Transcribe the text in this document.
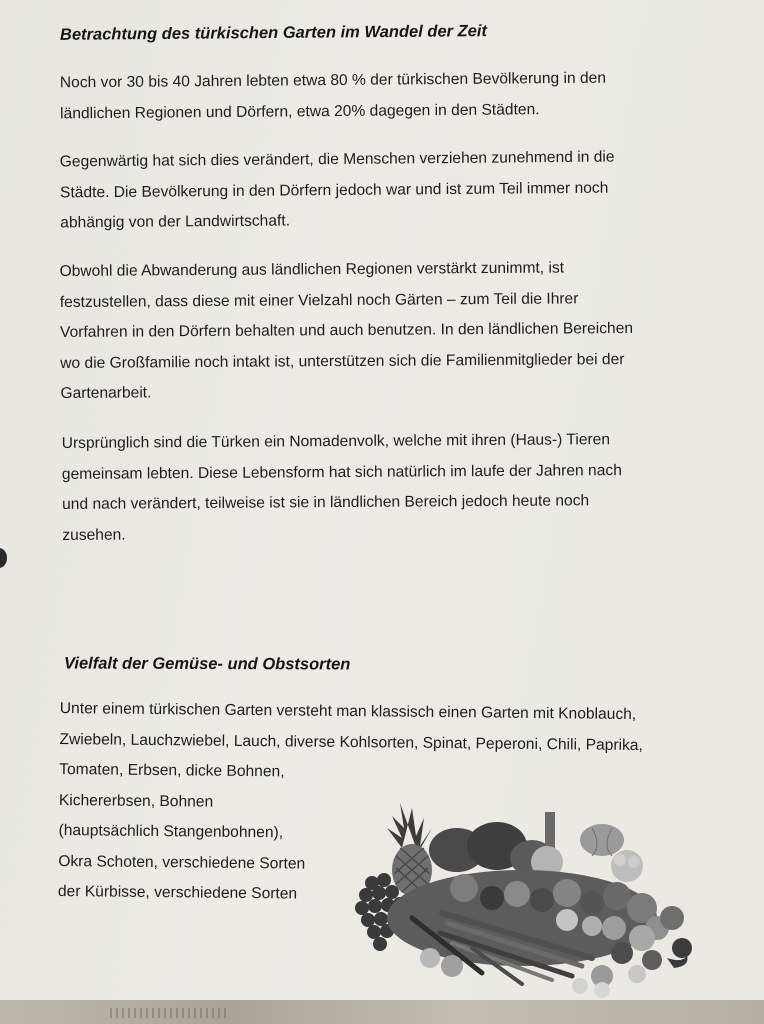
Betrachtung des türkischen Garten im Wandel der Zeit

Noch vor 30 bis 40 Jahren lebten etwa 80 % der türkischen Bevölkerung in den
ländlichen Regionen und Dörfern, etwa 20% dagegen in den Städten.

Gegenwärtig hat sich dies verändert, die Menschen verziehen zunehmend in die
Städte. Die Bevölkerung in den Dörfern jedoch war und ist zum Teil immer noch
abhängig von der Landwirtschaft.

Obwohl die Abwanderung aus ländlichen Regionen verstärkt zunimmt, ist
festzustellen, dass diese mit einer Vielzahl noch Gärten – zum Teil die Ihrer
Vorfahren in den Dörfern behalten und auch benutzen. In den ländlichen Bereichen
wo die Großfamilie noch intakt ist, unterstützen sich die Familienmitglieder bei der
Gartenarbeit.

Ursprünglich sind die Türken ein Nomadenvolk, welche mit ihren (Haus-) Tieren
gemeinsam lebten. Diese Lebensform hat sich natürlich im laufe der Jahren nach
und nach verändert, teilweise ist sie in ländlichen Bereich jedoch heute noch
zusehen.

Vielfalt der Gemüse- und Obstsorten

Unter einem türkischen Garten versteht man klassisch einen Garten mit Knoblauch,
Zwiebeln, Lauchzwiebel, Lauch, diverse Kohlsorten, Spinat, Peperoni, Chili, Paprika,
Tomaten, Erbsen, dicke Bohnen,
Kichererbsen, Bohnen
(hauptsächlich Stangenbohnen),
Okra Schoten, verschiedene Sorten
der Kürbisse, verschiedene Sorten
